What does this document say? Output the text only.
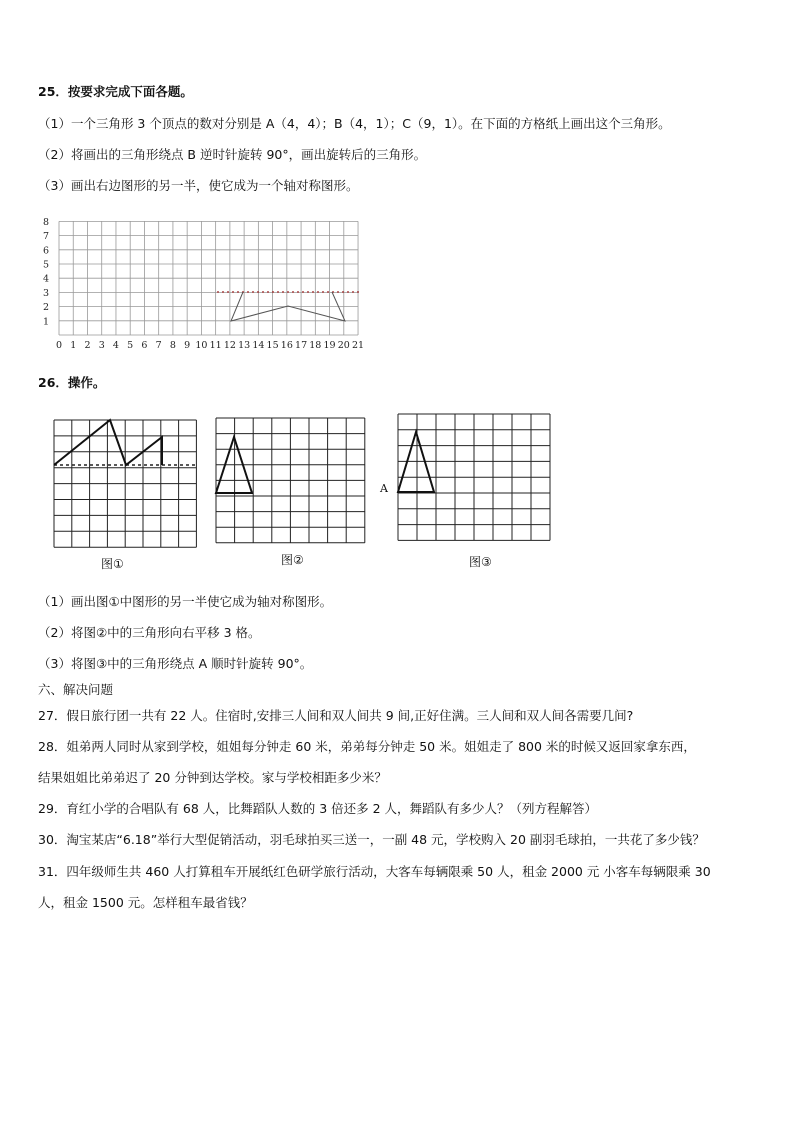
25．按要求完成下面各题。
（1）一个三角形 3 个顶点的数对分别是 A（4，4）；B（4，1）；C（9，1）。在下面的方格纸上画出这个三角形。
（2）将画出的三角形绕点 B 逆时针旋转 90°，画出旋转后的三角形。
（3）画出右边图形的另一半，使它成为一个轴对称图形。
0 1 2 3 4 5 6 7 8 9 10 11 12 13 14 15 16 17 18 19 20 21
1
2
3
4
5
6
7
8
26．操作。
A
图①	图②	图③
（1）画出图①中图形的另一半使它成为轴对称图形。
（2）将图②中的三角形向右平移 3 格。
（3）将图③中的三角形绕点 A 顺时针旋转 90°。
六、解决问题
27．假日旅行团一共有 22 人。住宿时,安排三人间和双人间共 9 间,正好住满。三人间和双人间各需要几间?
28．姐弟两人同时从家到学校，姐姐每分钟走 60 米，弟弟每分钟走 50 米。姐姐走了 800 米的时候又返回家拿东西，
结果姐姐比弟弟迟了 20 分钟到达学校。家与学校相距多少米？
29．育红小学的合唱队有 68 人，比舞蹈队人数的 3 倍还多 2 人，舞蹈队有多少人？（列方程解答）
30．淘宝某店“6.18”举行大型促销活动，羽毛球拍买三送一，一副 48 元，学校购入 20 副羽毛球拍，一共花了多少钱？
31．四年级师生共 460 人打算租车开展纸红色研学旅行活动，大客车每辆限乘 50 人，租金 2000 元 小客车每辆限乘 30
人，租金 1500 元。怎样租车最省钱？
